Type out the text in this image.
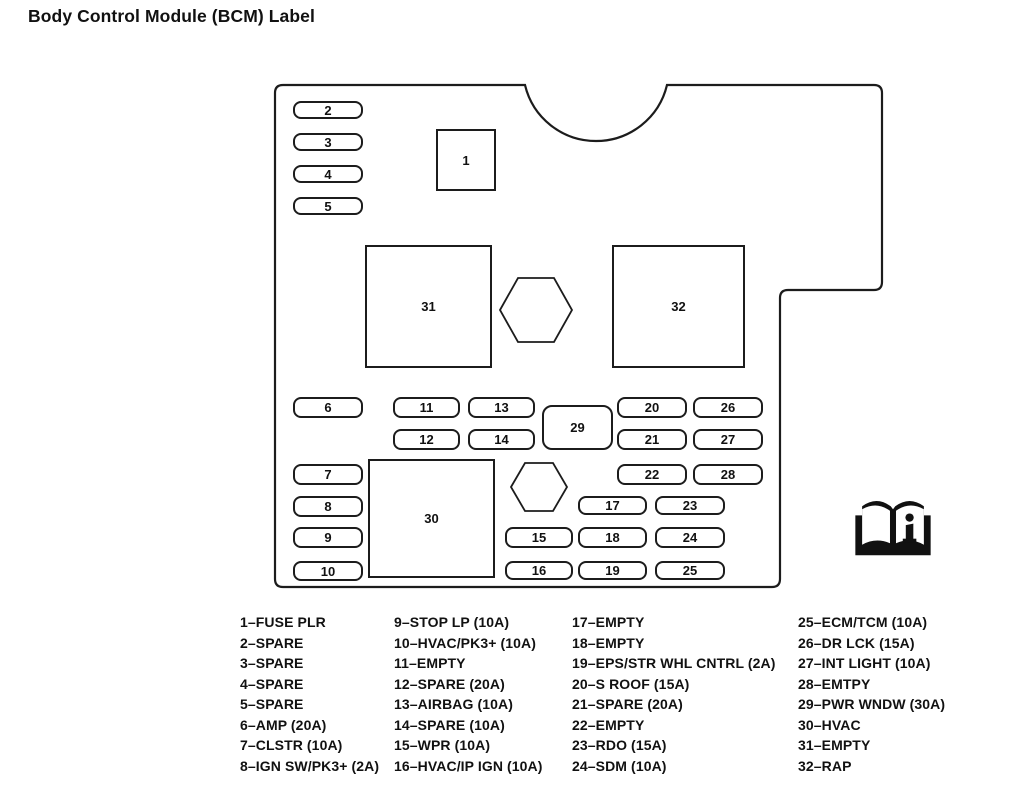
Body Control Module (BCM) Label
1
2
3
4
5
6
7
8
9
10
11
12
13
14
15
16
17
18
19
20
21
22
23
24
25
26
27
28
29
30
31	32
1–FUSE PLR
2–SPARE
3–SPARE
4–SPARE
5–SPARE
6–AMP (20A)
7–CLSTR (10A)
8–IGN SW/PK3+ (2A)
9–STOP LP (10A)
10–HVAC/PK3+ (10A)
11–EMPTY
12–SPARE (20A)
13–AIRBAG (10A)
14–SPARE (10A)
15–WPR (10A)
16–HVAC/IP IGN (10A)
17–EMPTY
18–EMPTY
19–EPS/STR WHL CNTRL (2A)
20–S ROOF (15A)
21–SPARE (20A)
22–EMPTY
23–RDO (15A)
24–SDM (10A)
25–ECM/TCM (10A)
26–DR LCK (15A)
27–INT LIGHT (10A)
28–EMTPY
29–PWR WNDW (30A)
30–HVAC
31–EMPTY
32–RAP
